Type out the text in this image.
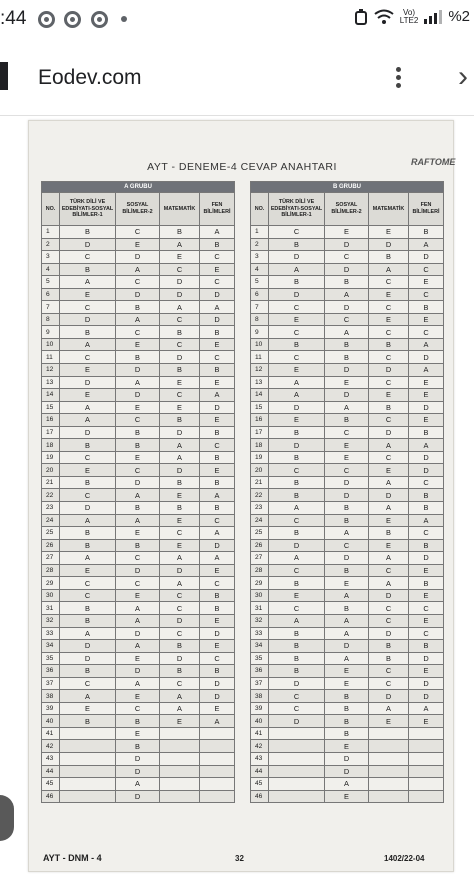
:44	Vo)
LTE2 %2
Eodev.com	›
AYT - DENEME-4 CEVAP ANAHTARI	RAFTOME
A GRUBU				
NO.	TÜRK DİLİ VE EDEBİYATI-SOSYAL BİLİMLER-1	SOSYAL BİLİMLER-2	MATEMATİK	FEN BİLİMLERİ
1	B	C	B	A
2	D	E	A	B
3	C	D	E	C
4	B	A	C	E
5	A	C	D	C
6	E	D	D	D
7	C	B	A	A
8	D	A	C	D
9	B	C	B	B
10	A	E	C	E
11	C	B	D	C
12	E	D	B	B
13	D	A	E	E
14	E	D	C	A
15	A	E	E	D
16	A	C	B	E
17	D	B	D	B
18	B	B	A	C
19	C	E	A	B
20	E	C	D	E
21	B	D	B	B
22	C	A	E	A
23	D	B	B	B
24	A	A	E	C
25	B	E	C	A
26	B	B	E	D
27	A	C	A	A
28	E	D	D	E
29	C	C	A	C
30	C	E	C	B
31	B	A	C	B
32	B	A	D	E
33	A	D	C	D
34	D	A	B	E
35	D	E	D	C
36	B	D	B	B
37	C	A	C	D
38	A	E	A	D
39	E	C	A	E
40	B	B	E	A
41		E		
42		B		
43		D		
44		D		
45		A		
46		D		
B GRUBU				
NO.	TÜRK DİLİ VE EDEBİYATI-SOSYAL BİLİMLER-1	SOSYAL BİLİMLER-2	MATEMATİK	FEN BİLİMLERİ
1	C	E	E	B
2	B	D	D	A
3	D	C	B	D
4	A	D	A	C
5	B	B	C	E
6	D	A	E	C
7	C	D	C	B
8	E	C	E	E
9	C	A	C	C
10	B	B	B	A
11	C	B	C	D
12	E	D	D	A
13	A	E	C	E
14	A	D	E	E
15	D	A	B	D
16	E	B	C	E
17	B	C	D	B
18	D	E	A	A
19	B	E	C	D
20	C	C	E	D
21	B	D	A	C
22	B	D	D	B
23	A	B	A	B
24	C	B	E	A
25	B	A	B	C
26	D	C	E	B
27	A	D	A	D
28	C	B	C	E
29	B	E	A	B
30	E	A	D	E
31	C	B	C	C
32	A	A	C	E
33	B	A	D	C
34	B	D	B	B
35	B	A	B	D
36	B	E	C	E
37	D	E	C	D
38	C	B	D	D
39	C	B	A	A
40	D	B	E	E
41		B		
42		E		
43		D		
44		D		
45		A		
46		E		
AYT - DNM - 4	32	1402/22-04
